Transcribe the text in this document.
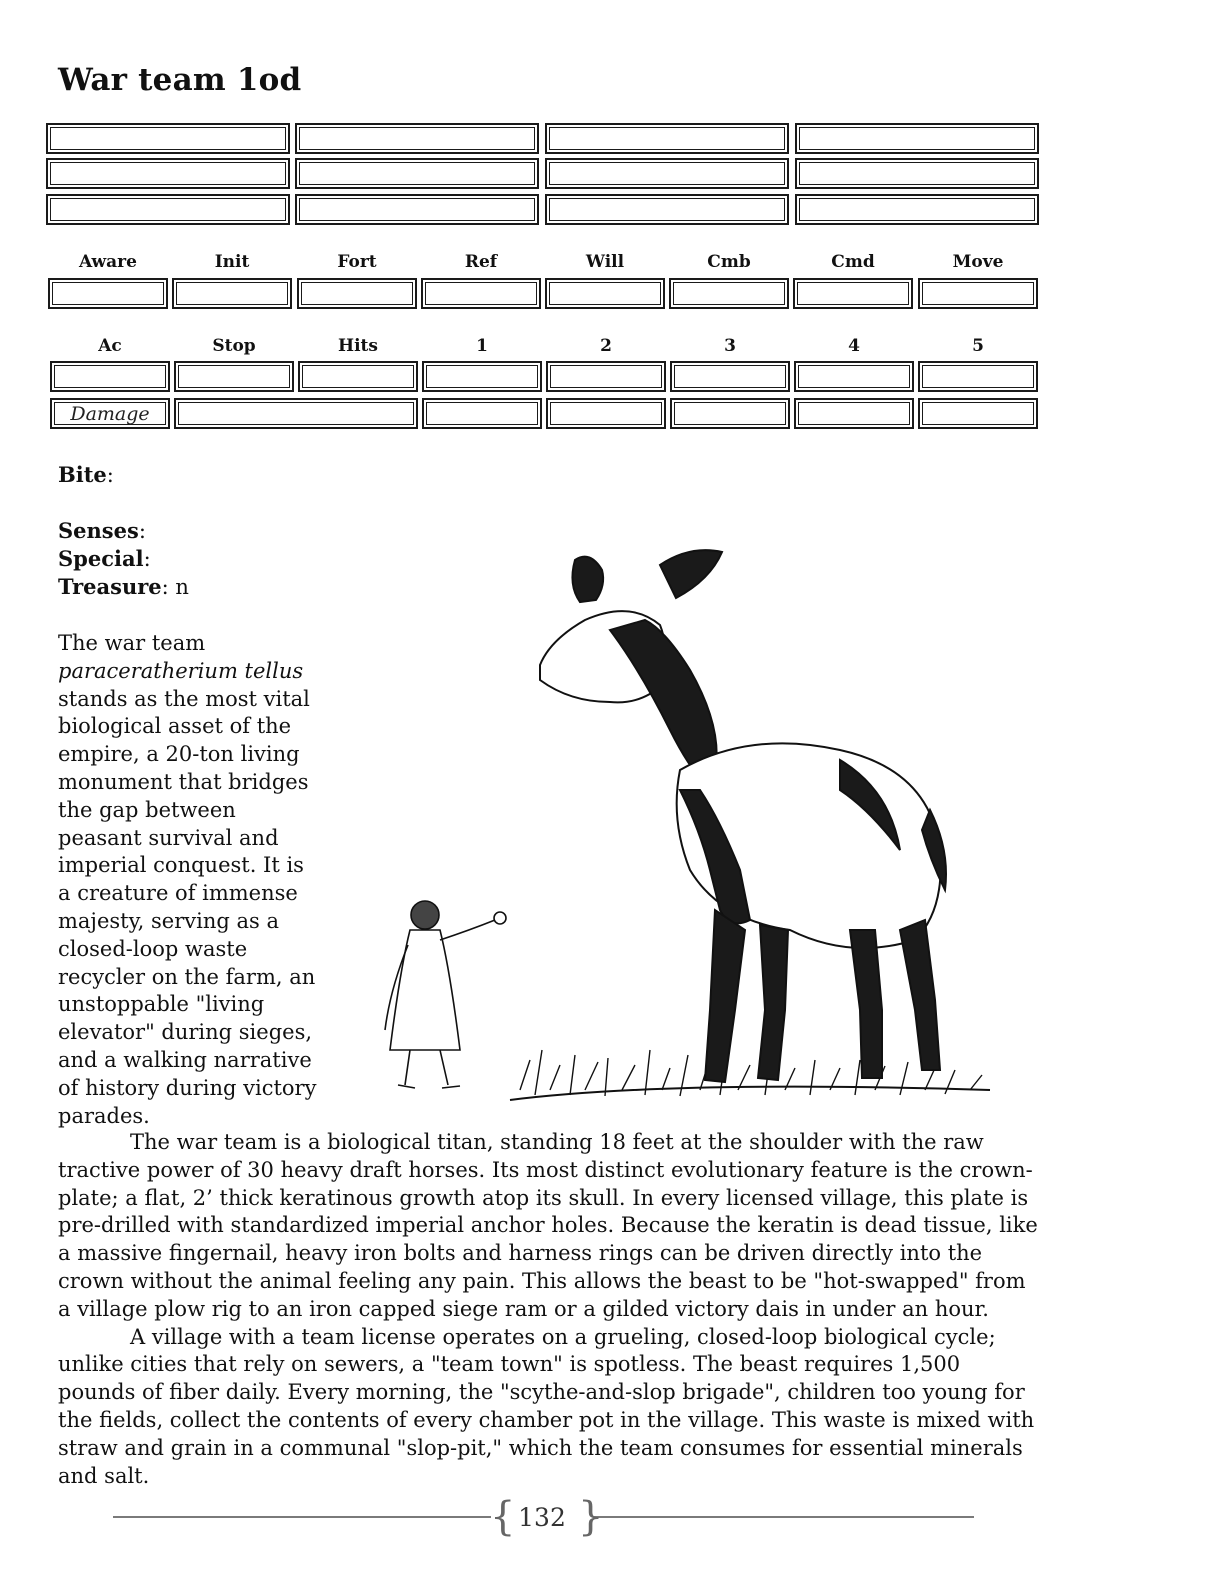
War team 1od
Aware	Init	Fort	Ref	Will	Cmb	Cmd	Move
Ac	Stop	Hits	1	2	3	4	5
Damage
Bite:
Senses:
Special:
Treasure: n

The war team
paraceratherium tellus
stands as the most vital biological asset of the empire, a 20-ton living monument that bridges the gap between peasant survival and imperial conquest. It is a creature of immense majesty, serving as a closed-loop waste recycler on the farm, an unstoppable "living elevator" during sieges, and a walking narrative of history during victory parades.

The war team is a biological titan, standing 18 feet at the shoulder with the raw tractive power of 30 heavy draft horses. Its most distinct evolutionary feature is the crown-plate; a flat, 2’ thick keratinous growth atop its skull. In every licensed village, this plate is pre-drilled with standardized imperial anchor holes. Because the keratin is dead tissue, like a massive fingernail, heavy iron bolts and harness rings can be driven directly into the crown without the animal feeling any pain. This allows the beast to be "hot-swapped" from a village plow rig to an iron capped siege ram or a gilded victory dais in under an hour.

A village with a team license operates on a grueling, closed-loop biological cycle; unlike cities that rely on sewers, a "team town" is spotless. The beast requires 1,500 pounds of fiber daily. Every morning, the "scythe-and-slop brigade", children too young for the fields, collect the contents of every chamber pot in the village. This waste is mixed with straw and grain in a communal "slop-pit," which the team consumes for essential minerals and salt.

{ }
132
